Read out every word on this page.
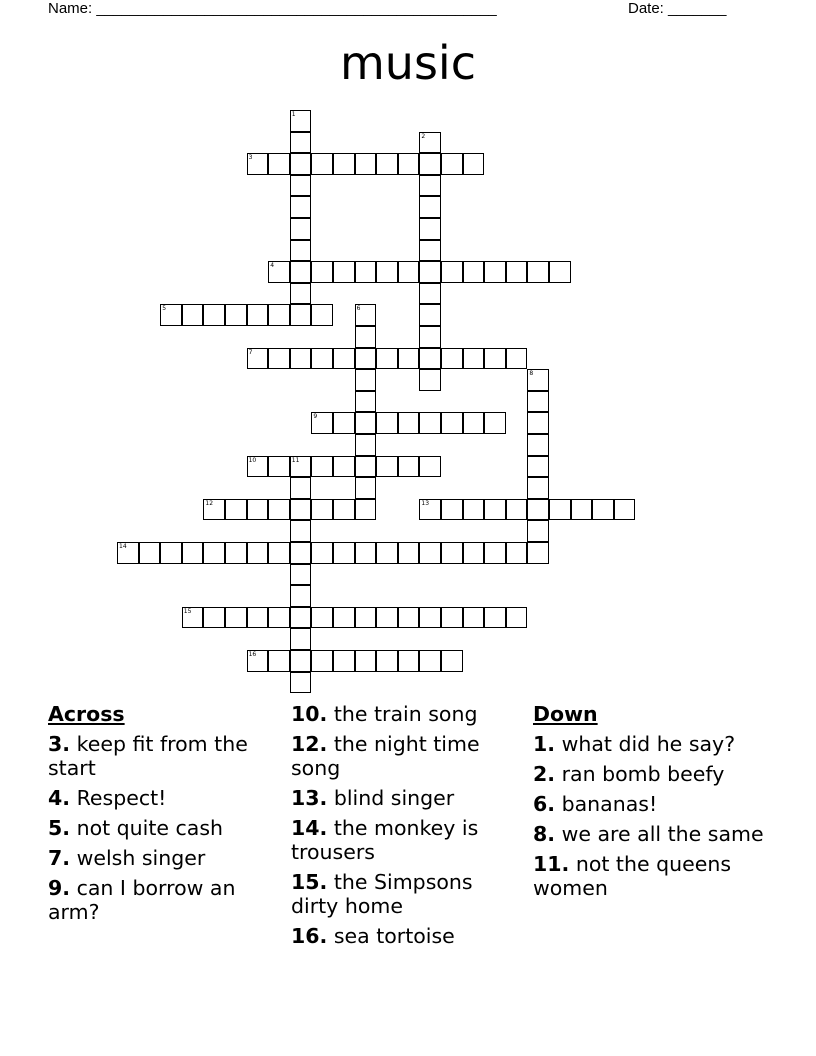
Name: ________________________________________________	Date: _______
music
1
2
3
4
5	6
7
8
9
10	11
12	13
14
15
16
Across
3. keep fit from the start
4. Respect!
5. not quite cash
7. welsh singer
9. can I borrow an arm?
10. the train song
12. the night time song
13. blind singer
14. the monkey is trousers
15. the Simpsons dirty home
16. sea tortoise
Down
1. what did he say?
2. ran bomb beefy
6. bananas!
8. we are all the same
11. not the queens women
